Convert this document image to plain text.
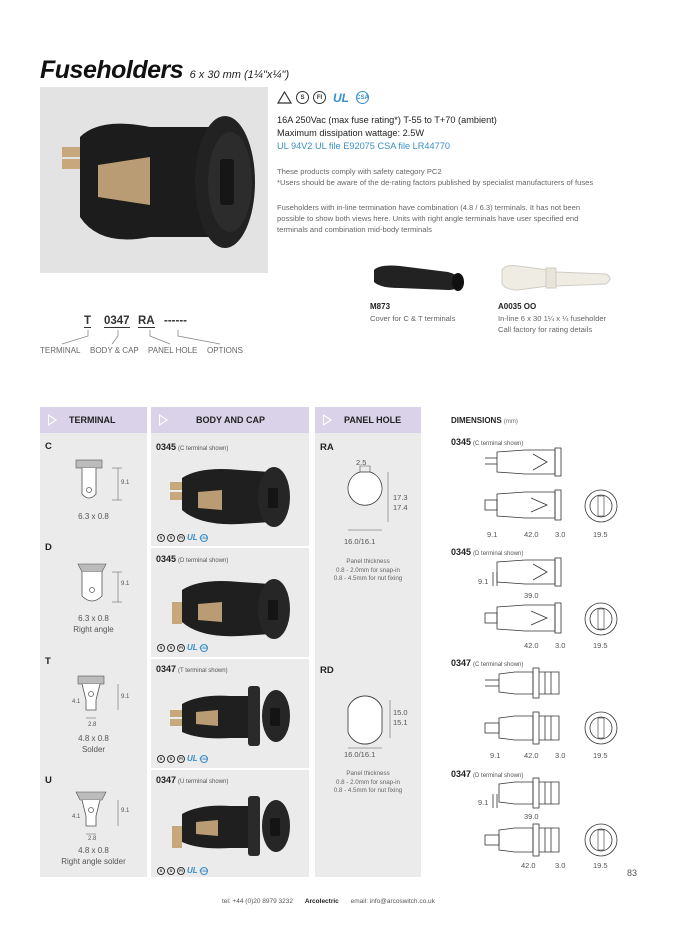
Fuseholders 6 x 30 mm (1¼"x¼")
S	FI UL	CSA
16A 250Vac (max fuse rating*) T-55 to T+70 (ambient)
Maximum dissipation wattage: 2.5W
UL 94V2 UL file E92075 CSA file LR44770
These products comply with safety category PC2
*Users should be aware of the de-rating factors published by specialist manufacturers of fuses
Fuseholders with in-line termination have combination (4.8 / 6.3) terminals. It has not been
possible to show both views here. Units with right angle terminals have user specified end
terminals and combination mid-body terminals
M873
Cover for C & T terminals
A0035 OO
In-line 6 x 30 1¼ x ¼ fuseholder
Call factory for rating details
T 0347 RA ------
TERMINAL BODY & CAP PANEL HOLE OPTIONS
TERMINAL	BODY AND CAP	PANEL HOLE	DIMENSIONS (mm)
C
9.1
6.3 x 0.8
D
9.1
6.3 x 0.8
Right angle
T
9.1
4.1
2.8
4.8 x 0.8
Solder
U
9.1
4.1
2.8
4.8 x 0.8
Right angle solder
0345 (C terminal shown)
S	S	FI UL CSA
0345 (D terminal shown)
S	S	FI UL CSA
0347 (T terminal shown)
S	S	FI UL CSA
0347 (U terminal shown)
S	S	FI UL CSA
RA
2.5
17.3
17.4
16.0/16.1
Panel thickness
0.8 - 2.0mm for snap-in
0.8 - 4.5mm for nut fixing
RD
15.0
15.1
16.0/16.1
Panel thickness
0.8 - 2.0mm for snap-in
0.8 - 4.5mm for nut fixing
0345 (C terminal shown)
9.1	42.0 3.0	19.5
0345 (D terminal shown)
9.1
39.0
42.0 3.0	19.5
0347 (C terminal shown)
9.1	42.0 3.0	19.5
0347 (D terminal shown)
9.1
39.0
42.0	3.0	19.5
83
tel: +44 (0)20 8979 3232 Arcolectric email: info@arcoswitch.co.uk
